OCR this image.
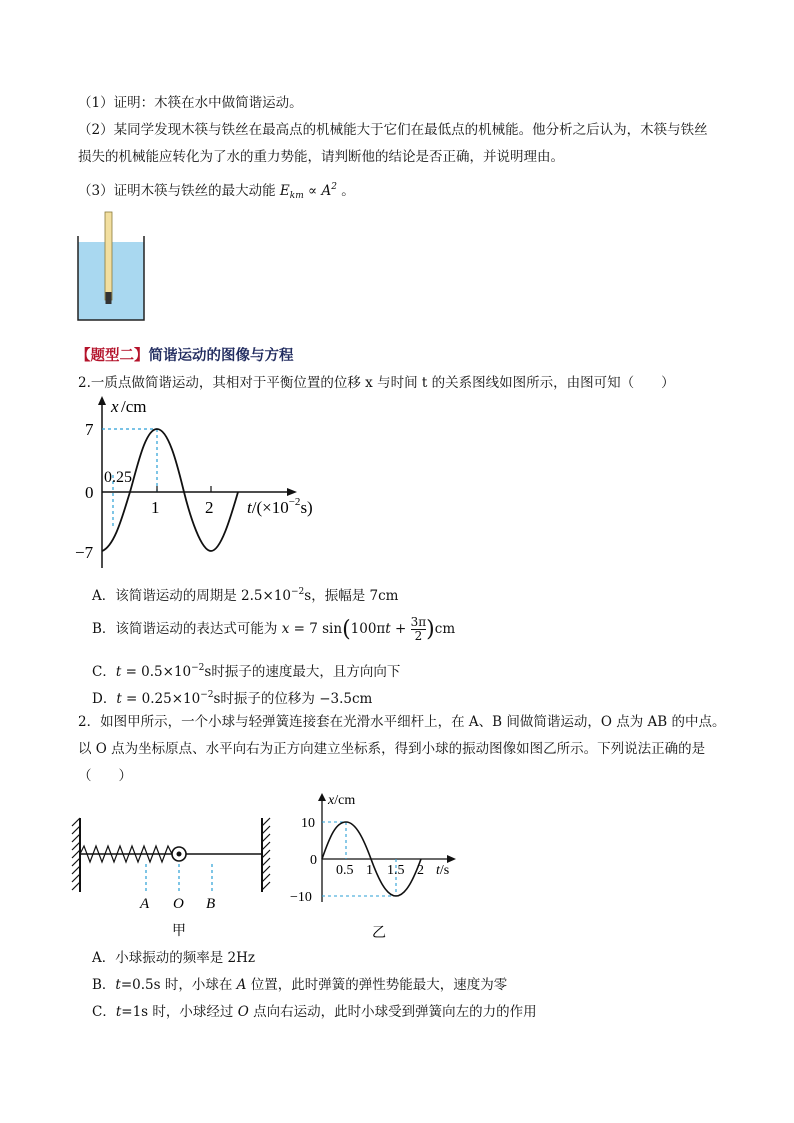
（1）证明：木筷在水中做简谐运动。
（2）某同学发现木筷与铁丝在最高点的机械能大于它们在最低点的机械能。他分析之后认为，木筷与铁丝
损失的机械能应转化为了水的重力势能，请判断他的结论是否正确，并说明理由。
（3）证明木筷与铁丝的最大动能 $E_{km} \propto A^2$ 。
【题型二】简谐运动的图像与方程
2.一质点做简谐运动，其相对于平衡位置的位移 x 与时间 t 的关系图线如图所示，由图可知（　　）
x /cm
7
0
−7
0.25
1	2 $t/(\times 10^{-2}s)$
A．该简谐运动的周期是 $2.5\times 10^{-2}s$，振幅是 7cm
B．该简谐运动的表达式可能为 x = 7 $\sin(100\pi t + \frac{3\pi}{2} )cm$
C．$t = 0.5\times 10^{-2}s$时振子的速度最大，且方向向下
D．$t = 0.25\times 10^{-2}s$时振子的位移为 −3.5cm
2．如图甲所示，一个小球与轻弹簧连接套在光滑水平细杆上，在 A、B 间做简谐运动，O 点为 AB 的中点。
以 O 点为坐标原点、水平向右为正方向建立坐标系，得到小球的振动图像如图乙所示。下列说法正确的是
（　　）
A O B
甲
x/cm
10
0
−10
0.5 1 1.5 2 t/s
乙
A．小球振动的频率是 2Hz
B．t=0.5s 时，小球在 A 位置，此时弹簧的弹性势能最大，速度为零
C．t=1s 时，小球经过 O 点向右运动，此时小球受到弹簧向左的力的作用
